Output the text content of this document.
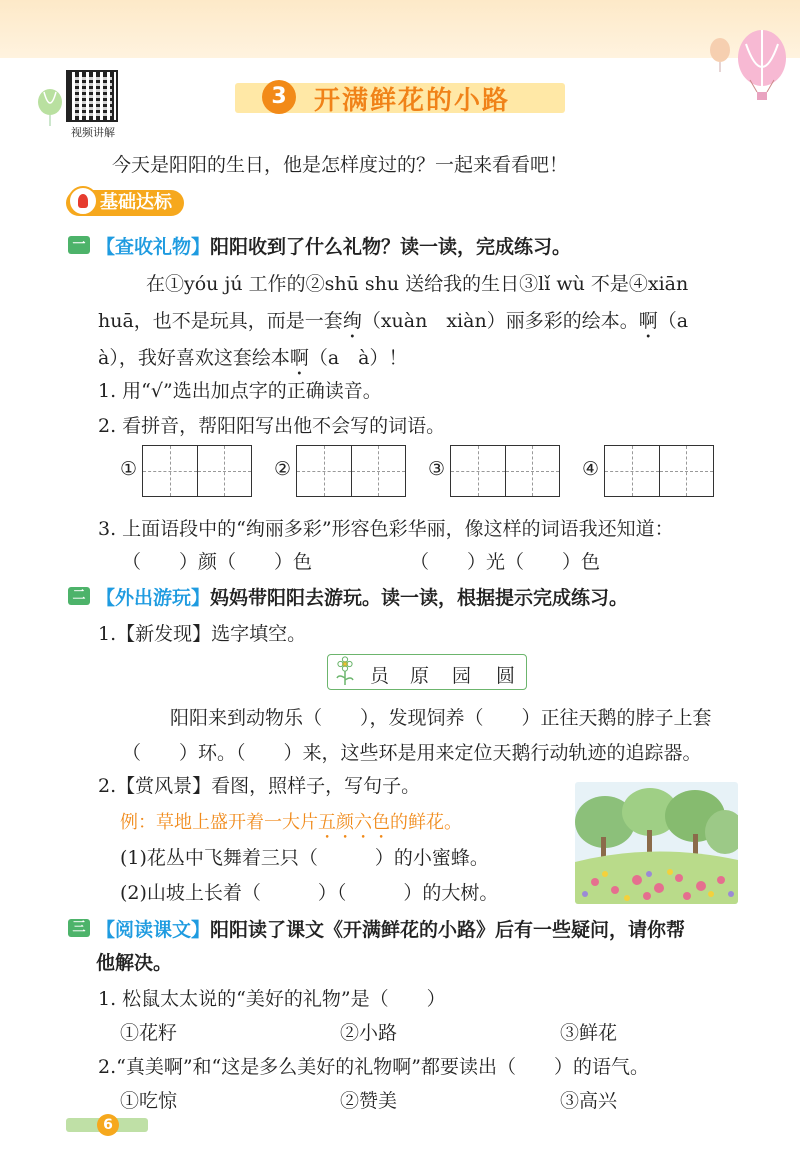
视频讲解
3	开满鲜花的小路
今天是阳阳的生日，他是怎样度过的？一起来看看吧！
基础达标
一 【查收礼物】阳阳收到了什么礼物？读一读，完成练习。
在①yóu jú 工作的②shū shu 送给我的生日③lǐ wù 不是④xiān
huā，也不是玩具，而是一套绚（xuàn　xiàn）丽多彩的绘本。啊（a
à），我好喜欢这套绘本啊（a　à）！
1. 用“√”选出加点字的正确读音。
2. 看拼音，帮阳阳写出他不会写的词语。
①	②	③	④
3. 上面语段中的“绚丽多彩”形容色彩华丽，像这样的词语我还知道：
（　　）颜（　　）色	（　　）光（　　）色
二 【外出游玩】妈妈带阳阳去游玩。读一读，根据提示完成练习。
1.【新发现】选字填空。
员 原 园 圆
阳阳来到动物乐（　　），发现饲养（　　）正往天鹅的脖子上套
（　　）环。（　　）来，这些环是用来定位天鹅行动轨迹的追踪器。
2.【赏风景】看图，照样子，写句子。
例：草地上盛开着一大片五颜六色的鲜花。
(1)花丛中飞舞着三只（　　　）的小蜜蜂。
(2)山坡上长着（　　　）（　　　）的大树。
三 【阅读课文】阳阳读了课文《开满鲜花的小路》后有一些疑问，请你帮
他解决。
1. 松鼠太太说的“美好的礼物”是（　　）
①花籽	②小路	③鲜花
2.“真美啊”和“这是多么美好的礼物啊”都要读出（　　）的语气。
①吃惊	②赞美	③高兴
6
